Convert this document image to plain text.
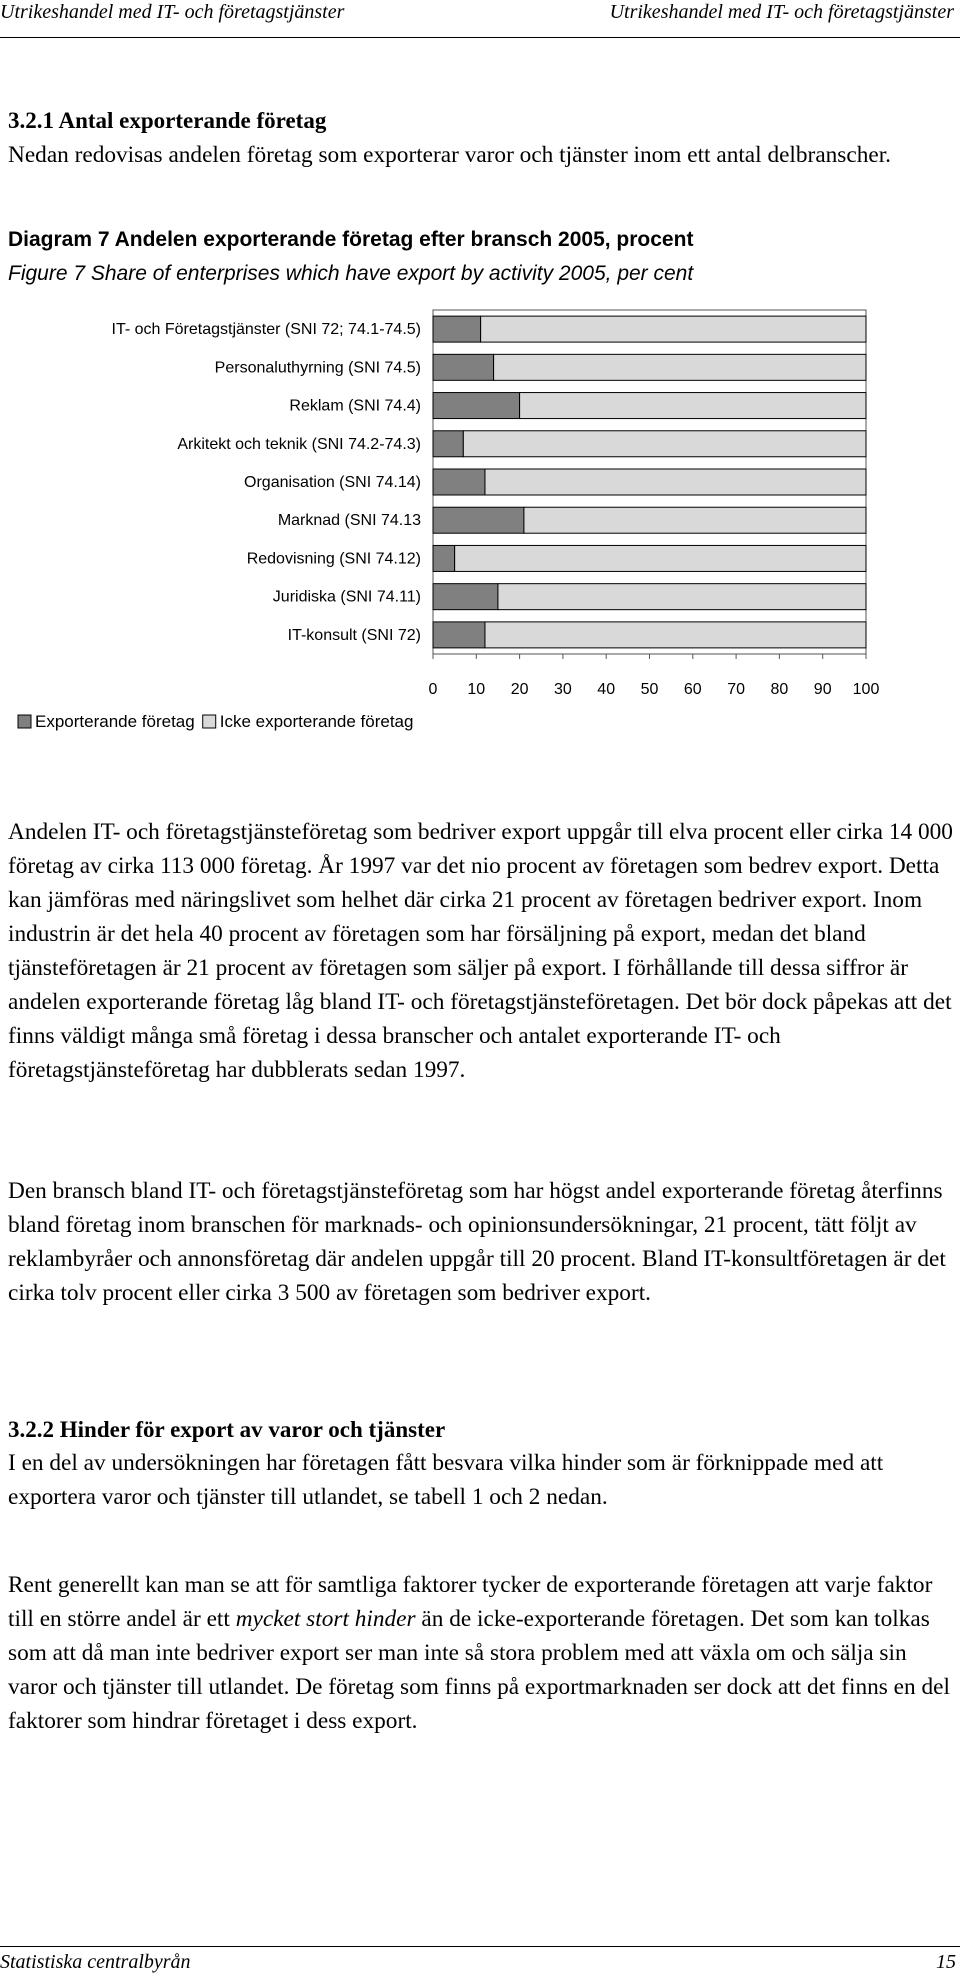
Utrikeshandel med IT- och företagstjänster	Utrikeshandel med IT- och företagstjänster
3.2.1 Antal exporterande företag

Nedan redovisas andelen företag som exporterar varor och tjänster inom ett antal delbranscher.

Diagram 7 Andelen exporterande företag efter bransch 2005, procent
Figure 7 Share of enterprises which have export by activity 2005, per cent
IT- och Företagstjänster (SNI 72; 74.1-74.5)
Personaluthyrning (SNI 74.5)
Reklam (SNI 74.4)
Arkitekt och teknik (SNI 74.2-74.3)
Organisation (SNI 74.14)
Marknad (SNI 74.13
Redovisning (SNI 74.12)
Juridiska (SNI 74.11)
IT-konsult (SNI 72)
0 10 20 30 40 50 60 70 80 90 100
Exporterande företag Icke exporterande företag

Andelen IT- och företagstjänsteföretag som bedriver export uppgår till elva procent eller cirka 14 000 företag av cirka 113 000 företag. År 1997 var det nio procent av företagen som bedrev export. Detta kan jämföras med näringslivet som helhet där cirka 21 procent av företagen bedriver export. Inom industrin är det hela 40 procent av företagen som har försäljning på export, medan det bland tjänsteföretagen är 21 procent av företagen som säljer på export. I förhållande till dessa siffror är andelen exporterande företag låg bland IT- och företagstjänsteföretagen. Det bör dock påpekas att det finns väldigt många små företag i dessa branscher och antalet exporterande IT- och företagstjänsteföretag har dubblerats sedan 1997.

Den bransch bland IT- och företagstjänsteföretag som har högst andel exporterande företag återfinns bland företag inom branschen för marknads- och opinionsundersökningar, 21 procent, tätt följt av reklambyråer och annonsföretag där andelen uppgår till 20 procent. Bland IT-konsultföretagen är det cirka tolv procent eller cirka 3 500 av företagen som bedriver export.

3.2.2 Hinder för export av varor och tjänster

I en del av undersökningen har företagen fått besvara vilka hinder som är förknippade med att exportera varor och tjänster till utlandet, se tabell 1 och 2 nedan.

Rent generellt kan man se att för samtliga faktorer tycker de exporterande företagen att varje faktor till en större andel är ett mycket stort hinder än de icke-exporterande företagen. Det som kan tolkas som att då man inte bedriver export ser man inte så stora problem med att växla om och sälja sin varor och tjänster till utlandet. De företag som finns på exportmarknaden ser dock att det finns en del faktorer som hindrar företaget i dess export.

Statistiska centralbyrån	15
